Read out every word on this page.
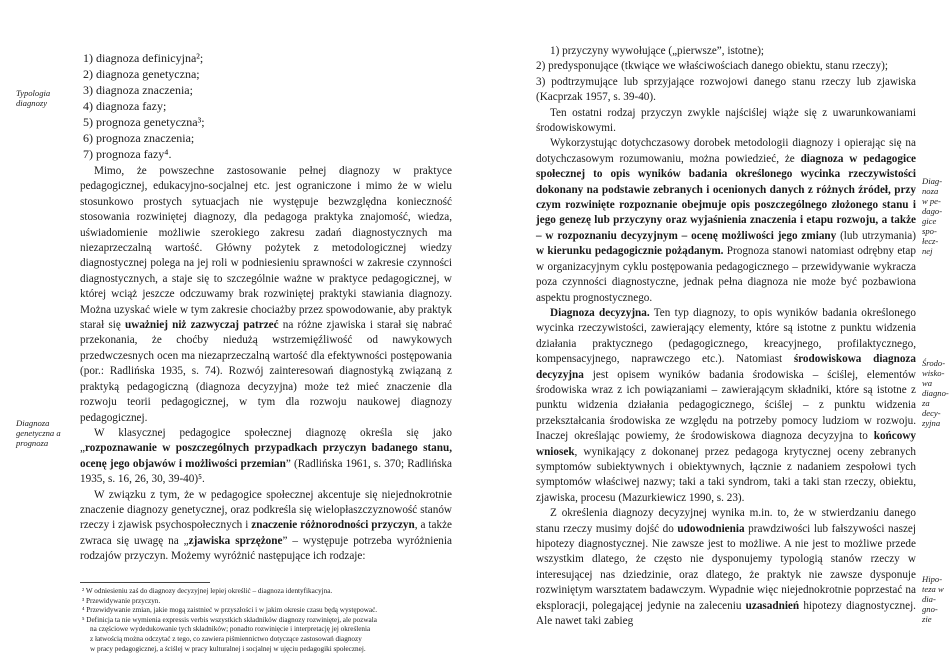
Typologia diagnozy
1) diagnoza definicyjna²;
2) diagnoza genetyczna;
3) diagnoza znaczenia;
4) diagnoza fazy;
5) prognoza genetyczna³;
6) prognoza znaczenia;
7) prognoza fazy⁴.

Mimo, że powszechne zastosowanie pełnej diagnozy w praktyce pedagogicznej, edukacyjno-socjalnej etc. jest ograniczone i mimo że w wielu stosunkowo prostych sytuacjach nie występuje bezwzględna konieczność stosowania rozwiniętej diagnozy, dla pedagoga praktyka znajomość, wiedza, uświadomienie możliwie szerokiego zakresu zadań diagnostycznych ma niezaprzeczalną wartość. Główny pożytek z metodologicznej wiedzy diagnostycznej polega na jej roli w podniesieniu sprawności w zakresie czynności diagnostycznych, a staje się to szczególnie ważne w praktyce pedagogicznej, w której wciąż jeszcze odczuwamy brak rozwiniętej praktyki stawiania diagnozy. Można uzyskać wiele w tym zakresie chociażby przez spowodowanie, aby praktyk starał się uważniej niż zazwyczaj patrzeć na różne zjawiska i starał się nabrać przekonania, że choćby niedużą wstrzemięźliwość od nawykowych przedwczesnych ocen ma niezaprzeczalną wartość dla efektywności postępowania (por.: Radlińska 1935, s. 74). Rozwój zainteresowań diagnostyką związaną z praktyką pedagogiczną (diagnoza decyzyjna) może też mieć znaczenie dla rozwoju teorii pedagogicznej, w tym dla rozwoju naukowej diagnozy pedagogicznej.

W klasycznej pedagogice społecznej diagnozę określa się jako „rozpoznawanie w poszczególnych przypadkach przyczyn badanego stanu, ocenę jego objawów i możliwości przemian” (Radlińska 1961, s. 370; Radlińska 1935, s. 16, 26, 30, 39-40)⁵.

W związku z tym, że w pedagogice społecznej akcentuje się niejednokrotnie znaczenie diagnozy genetycznej, oraz podkreśla się wielopłaszczyznowość stanów rzeczy i zjawisk psychospołecznych i znaczenie różnorodności przyczyn, a także zwraca się uwagę na „zjawiska sprzężone” – występuje potrzeba wyróżnienia rodzajów przyczyn. Możemy wyróżnić następujące ich rodzaje:

Diagnoza genetyczna a prognoza
² W odniesieniu zaś do diagnozy decyzyjnej lepiej określić – diagnoza identyfikacyjna.
³ Przewidywanie przyczyn.
⁴ Przewidywanie zmian, jakie mogą zaistnieć w przyszłości i w jakim okresie czasu będą występować.
⁵ Definicja ta nie wymienia expressis verbis wszystkich składników diagnozy rozwiniętej, ale pozwala
na częściowe wydedukowanie tych składników; ponadto rozwinięcie i interpretację jej określenia
z łatwością można odczytać z tego, co zawiera piśmiennictwo dotyczące zastosowań diagnozy
w pracy pedagogicznej, a ściślej w pracy kulturalnej i socjalnej w ujęciu pedagogiki społecznej.

1) przyczyny wywołujące („pierwsze”, istotne);
2) predysponujące (tkwiące we właściwościach danego obiektu, stanu rzeczy);
3) podtrzymujące lub sprzyjające rozwojowi danego stanu rzeczy lub zjawiska (Kacprzak 1957, s. 39-40).

Ten ostatni rodzaj przyczyn zwykle najściślej wiąże się z uwarunkowaniami środowiskowymi.

Wykorzystując dotychczasowy dorobek metodologii diagnozy i opierając się na dotychczasowym rozumowaniu, można powiedzieć, że diagnoza w pedagogice społecznej to opis wyników badania określonego wycinka rzeczywistości dokonany na podstawie zebranych i ocenionych danych z różnych źródeł, przy czym rozwinięte rozpoznanie obejmuje opis poszczególnego złożonego stanu i jego genezę lub przyczyny oraz wyjaśnienia znaczenia i etapu rozwoju, a także – w rozpoznaniu decyzyjnym – ocenę możliwości jego zmiany (lub utrzymania) w kierunku pedagogicznie pożądanym. Prognoza stanowi natomiast odrębny etap w organizacyjnym cyklu postępowania pedagogicznego – przewidywanie wykracza poza czynności diagnostyczne, jednak pełna diagnoza nie może być pozbawiona aspektu prognostycznego.

Diagnoza decyzyjna. Ten typ diagnozy, to opis wyników badania określonego wycinka rzeczywistości, zawierający elementy, które są istotne z punktu widzenia działania praktycznego (pedagogicznego, kreacyjnego, profilaktycznego, kompensacyjnego, naprawczego etc.). Natomiast środowiskowa diagnoza decyzyjna jest opisem wyników badania środowiska – ściślej, elementów środowiska wraz z ich powiązaniami – zawierającym składniki, które są istotne z punktu widzenia działania pedagogicznego, ściślej – z punktu widzenia przekształcania środowiska ze względu na potrzeby pomocy ludziom w rozwoju. Inaczej określając powiemy, że środowiskowa diagnoza decyzyjna to końcowy wniosek, wynikający z dokonanej przez pedagoga krytycznej oceny zebranych symptomów subiektywnych i obiektywnych, łącznie z nadaniem zespołowi tych symptomów właściwej nazwy; taki a taki syndrom, taki a taki stan rzeczy, obiektu, zjawiska, procesu (Mazurkiewicz 1990, s. 23).

Z określenia diagnozy decyzyjnej wynika m.in. to, że w stwierdzaniu danego stanu rzeczy musimy dojść do udowodnienia prawdziwości lub fałszywości naszej hipotezy diagnostycznej. Nie zawsze jest to możliwe. A nie jest to możliwe przede wszystkim dlatego, że często nie dysponujemy typologią stanów rzeczy w interesującej nas dziedzinie, oraz dlatego, że praktyk nie zawsze dysponuje rozwiniętym warsztatem badawczym. Wypadnie więc niejednokrotnie poprzestać na eksploracji, polegającej jedynie na zaleceniu uzasadnień hipotezy diagnostycznej. Ale nawet taki zabieg

Diagnoza w pedagogice społecznej
Środowiskowa diagnoza decyzyjna
Hipoteza w diagnozie
